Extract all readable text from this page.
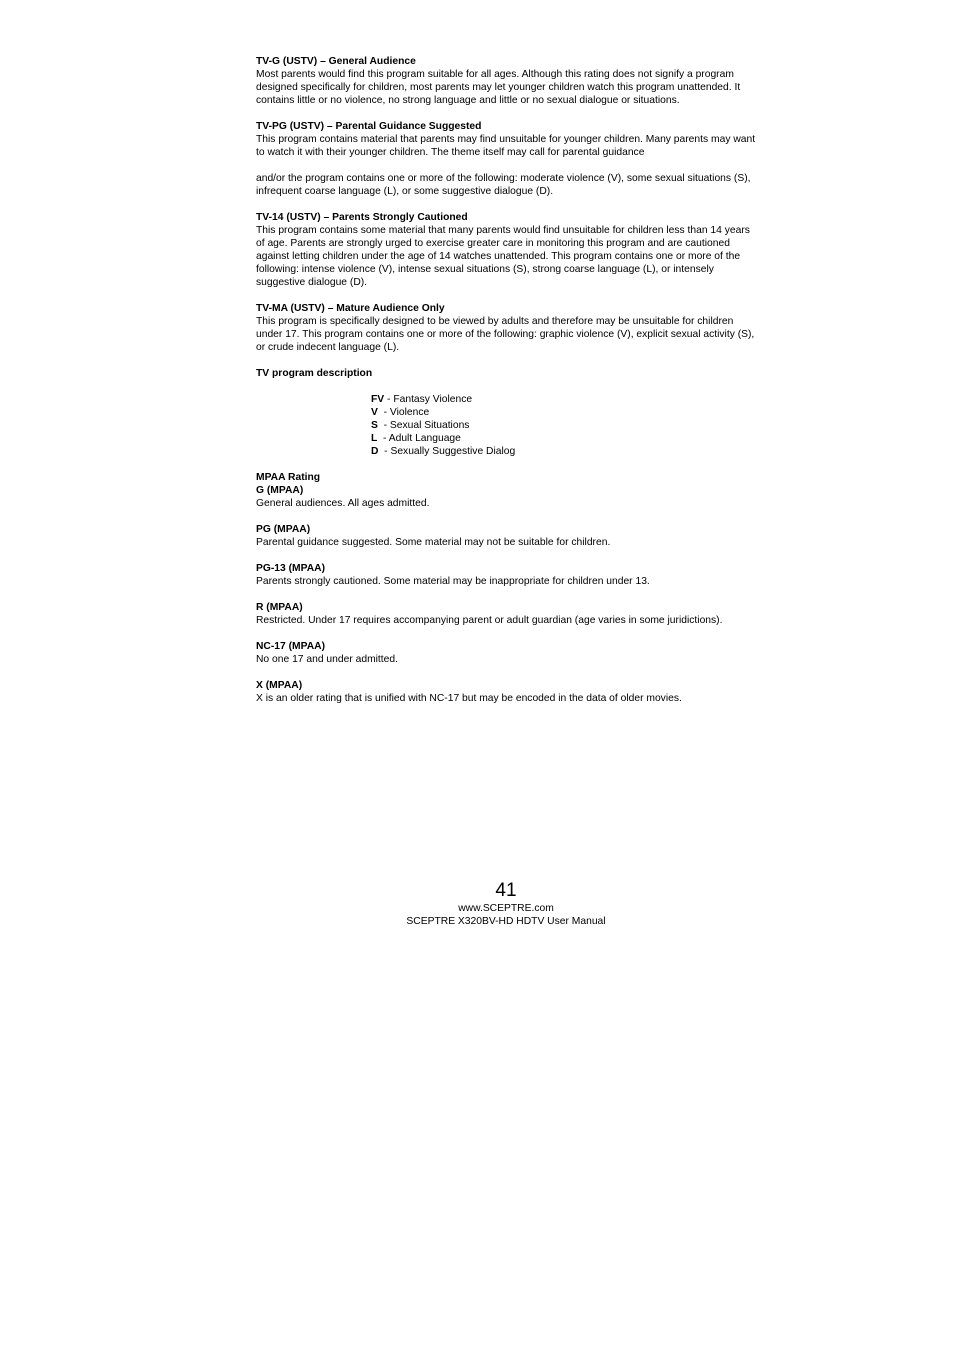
TV-G (USTV) – General Audience

Most parents would find this program suitable for all ages. Although this rating does not signify a program designed specifically for children, most parents may let younger children watch this program unattended. It contains little or no violence, no strong language and little or no sexual dialogue or situations.

TV-PG (USTV) – Parental Guidance Suggested

This program contains material that parents may find unsuitable for younger children. Many parents may want to watch it with their younger children. The theme itself may call for parental guidance

and/or the program contains one or more of the following: moderate violence (V), some sexual situations (S), infrequent coarse language (L), or some suggestive dialogue (D).

TV-14 (USTV) – Parents Strongly Cautioned

This program contains some material that many parents would find unsuitable for children less than 14 years of age. Parents are strongly urged to exercise greater care in monitoring this program and are cautioned against letting children under the age of 14 watches unattended. This program contains one or more of the following: intense violence (V), intense sexual situations (S), strong coarse language (L), or intensely suggestive dialogue (D).

TV-MA (USTV) – Mature Audience Only

This program is specifically designed to be viewed by adults and therefore may be unsuitable for children under 17. This program contains one or more of the following: graphic violence (V), explicit sexual activity (S), or crude indecent language (L).

TV program description
FV - Fantasy Violence
V  - Violence
S  - Sexual Situations
L  - Adult Language
D  - Sexually Suggestive Dialog
MPAA Rating
G (MPAA)

General audiences. All ages admitted.

PG (MPAA)

Parental guidance suggested. Some material may not be suitable for children.

PG-13 (MPAA)

Parents strongly cautioned. Some material may be inappropriate for children under 13.

R (MPAA)

Restricted. Under 17 requires accompanying parent or adult guardian (age varies in some juridictions).

NC-17 (MPAA)

No one 17 and under admitted.

X (MPAA)

X is an older rating that is unified with NC-17 but may be encoded in the data of older movies.

41
www.SCEPTRE.com
SCEPTRE X320BV-HD HDTV User Manual
